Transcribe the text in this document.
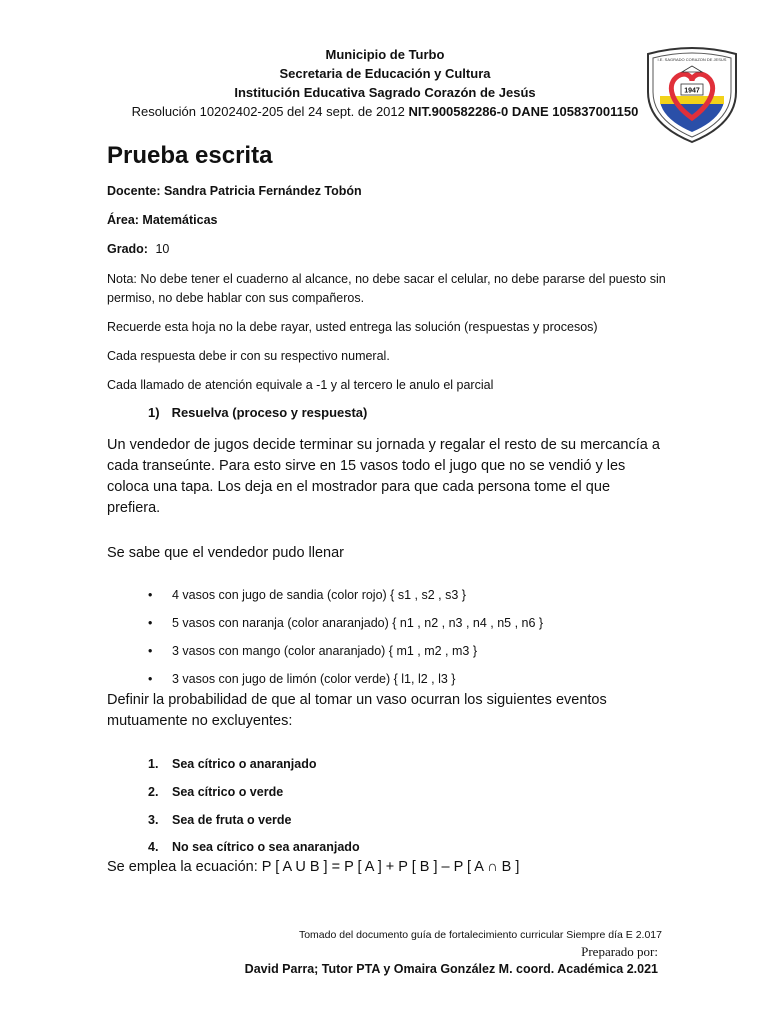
Municipio de Turbo
Secretaria de Educación y Cultura
Institución Educativa Sagrado Corazón de Jesús
Resolución 10202402-205 del 24 sept. de 2012 NIT.900582286-0 DANE 105837001150
1947
I.E. SAGRADO CORAZON DE JESUS
Prueba escrita
Docente: Sandra Patricia Fernández Tobón
Área: Matemáticas
Grado: 10
Nota: No debe tener el cuaderno al alcance, no debe sacar el celular, no debe pararse del puesto sin permiso, no debe hablar con sus compañeros.
Recuerde esta hoja no la debe rayar, usted entrega las solución (respuestas y procesos)
Cada respuesta debe ir con su respectivo numeral.
Cada llamado de atención equivale a -1 y al tercero le anulo el parcial
1) Resuelva (proceso y respuesta)
Un vendedor de jugos decide terminar su jornada y regalar el resto de su mercancía a cada transeúnte. Para esto sirve en 15 vasos todo el jugo que no se vendió y les coloca una tapa. Los deja en el mostrador para que cada persona tome el que prefiera.
Se sabe que el vendedor pudo llenar
• 4 vasos con jugo de sandia (color rojo) { s1 , s2 , s3 }
• 5 vasos con naranja (color anaranjado) { n1 , n2 , n3 , n4 , n5 , n6 }
• 3 vasos con mango (color anaranjado) { m1 , m2 , m3 }
• 3 vasos con jugo de limón (color verde) { l1, l2 , l3 }
Definir la probabilidad de que al tomar un vaso ocurran los siguientes eventos mutuamente no excluyentes:
1. Sea cítrico o anaranjado
2. Sea cítrico o verde
3. Sea de fruta o verde
4. No sea cítrico o sea anaranjado
Se emplea la ecuación: P [ A U B ] = P [ A ] + P [ B ] – P [ A ∩ B ]
Tomado del documento guía de fortalecimiento curricular Siempre día E 2.017
Preparado por:
David Parra; Tutor PTA y Omaira González M. coord. Académica 2.021
